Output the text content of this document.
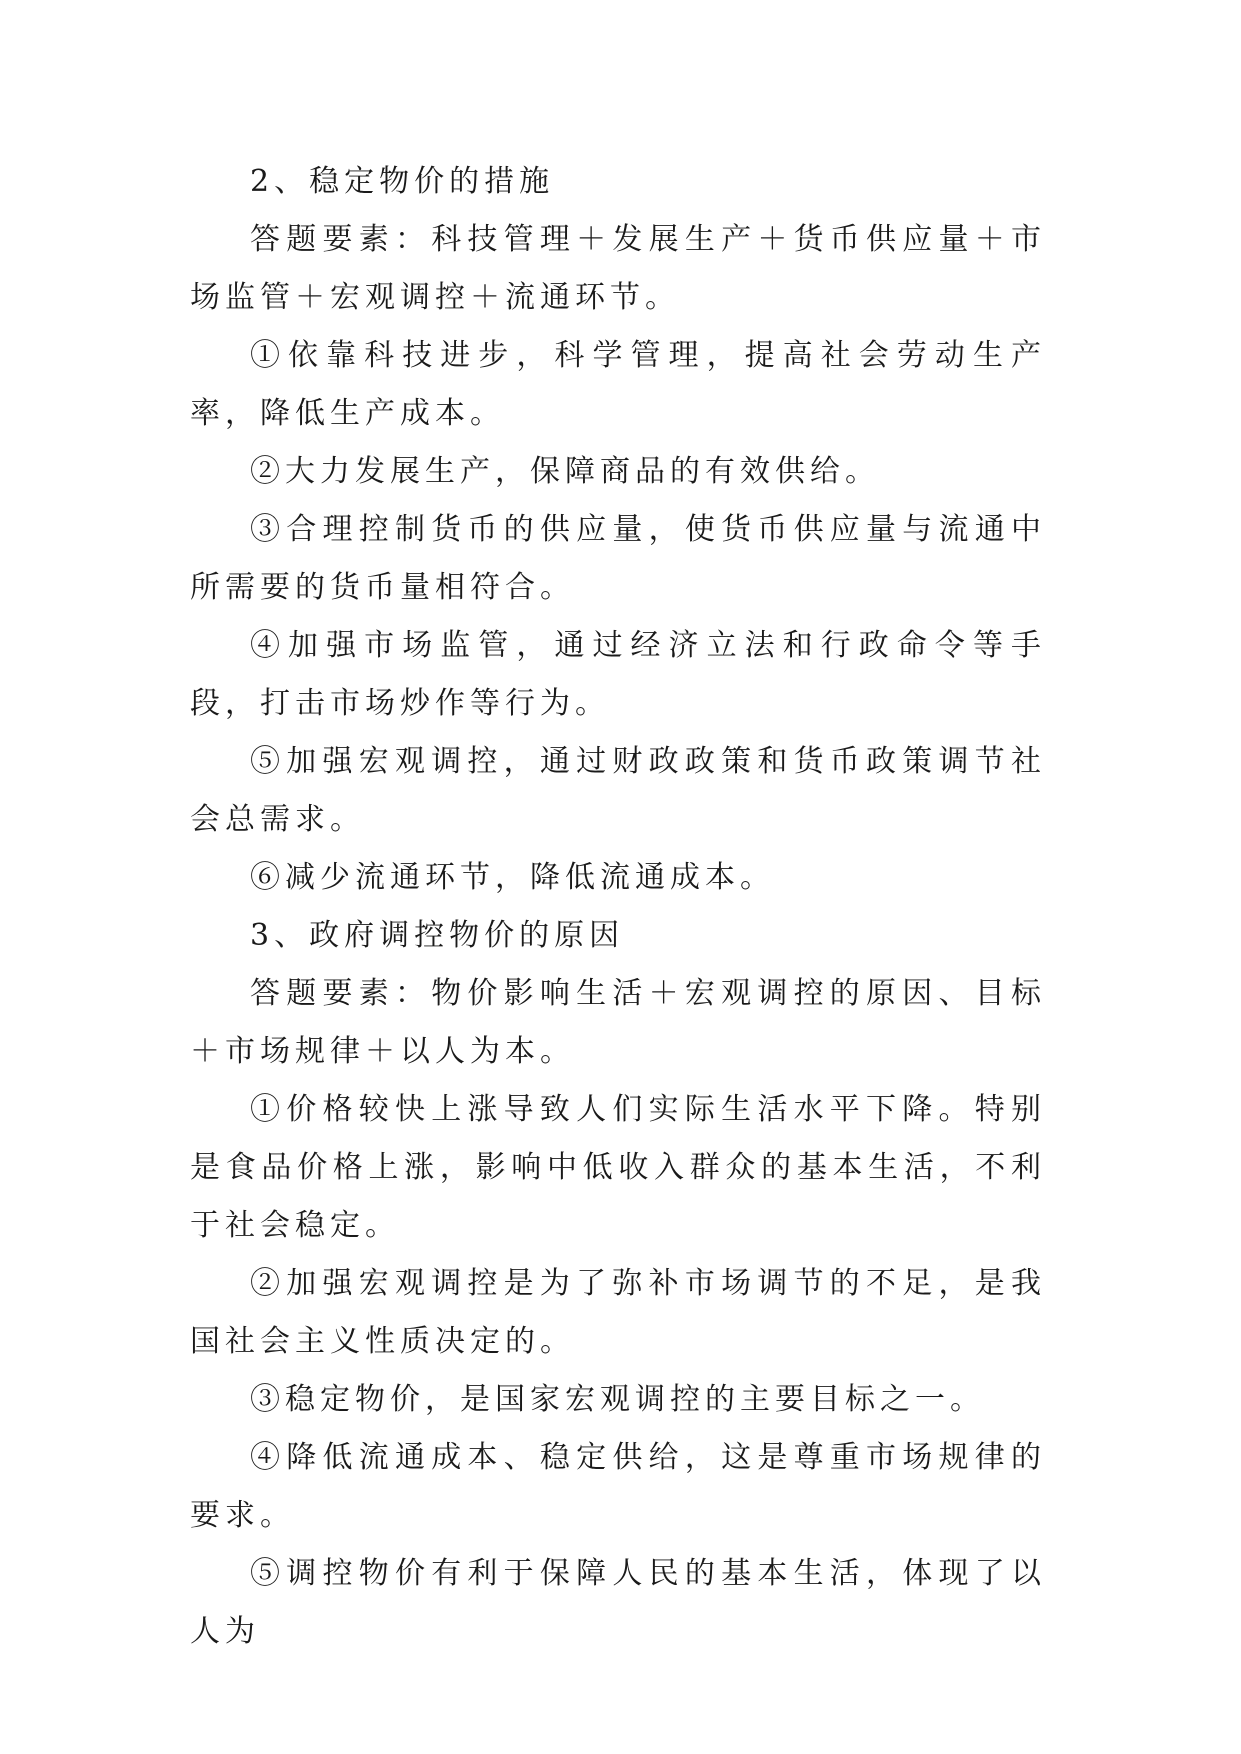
2、稳定物价的措施

答题要素：科技管理＋发展生产＋货币供应量＋市场监管＋宏观调控＋流通环节。

①依靠科技进步，科学管理，提高社会劳动生产率，降低生产成本。

②大力发展生产，保障商品的有效供给。

③合理控制货币的供应量，使货币供应量与流通中所需要的货币量相符合。

④加强市场监管，通过经济立法和行政命令等手段，打击市场炒作等行为。

⑤加强宏观调控，通过财政政策和货币政策调节社会总需求。

⑥减少流通环节，降低流通成本。

3、政府调控物价的原因

答题要素：物价影响生活＋宏观调控的原因、目标＋市场规律＋以人为本。

①价格较快上涨导致人们实际生活水平下降。特别是食品价格上涨，影响中低收入群众的基本生活，不利于社会稳定。

②加强宏观调控是为了弥补市场调节的不足，是我国社会主义性质决定的。

③稳定物价，是国家宏观调控的主要目标之一。

④降低流通成本、稳定供给，这是尊重市场规律的要求。

⑤调控物价有利于保障人民的基本生活，体现了以人为
